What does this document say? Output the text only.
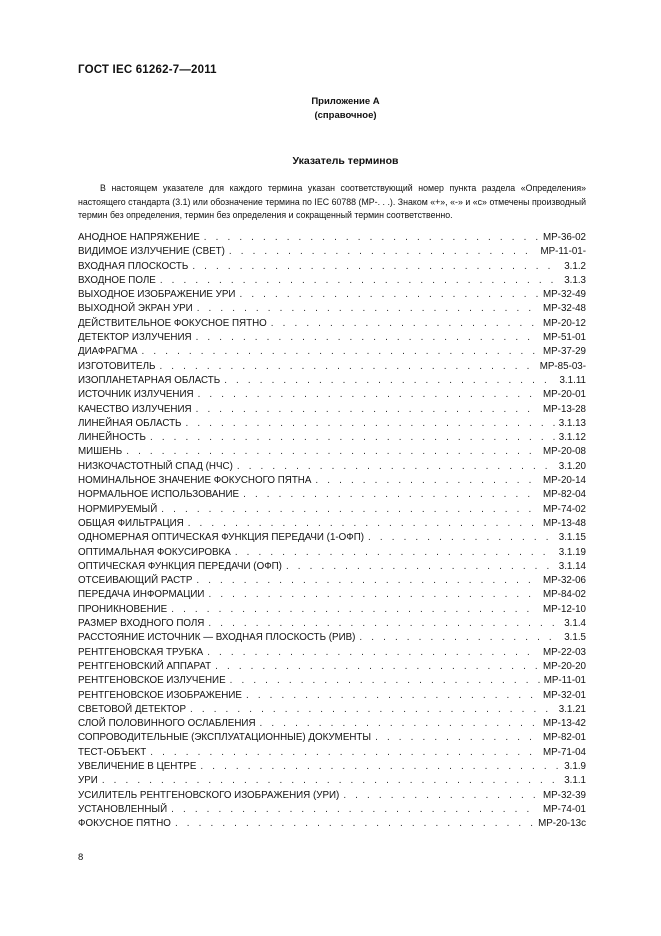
ГОСТ IEC 61262-7—2011
Приложение А
(справочное)
Указатель терминов
В настоящем указателе для каждого термина указан соответствующий номер пункта раздела «Определения» настоящего стандарта (3.1) или обозначение термина по IEC 60788 (МР-. . .). Знаком «+», «-» и «с» отмечены производный термин без определения, термин без определения и сокращенный термин соответственно.
АНОДНОЕ НАПРЯЖЕНИЕ . . .	МР-36-02
ВИДИМОЕ ИЗЛУЧЕНИЕ (СВЕТ) . . .	МР-11-01-
ВХОДНАЯ ПЛОСКОСТЬ . . .	3.1.2
ВХОДНОЕ ПОЛЕ . . .	3.1.3
ВЫХОДНОЕ ИЗОБРАЖЕНИЕ УРИ . . .	МР-32-49
ВЫХОДНОЙ ЭКРАН УРИ . . .	МР-32-48
ДЕЙСТВИТЕЛЬНОЕ ФОКУСНОЕ ПЯТНО . . .	МР-20-12
ДЕТЕКТОР ИЗЛУЧЕНИЯ . . .	МР-51-01
ДИАФРАГМА . . .	МР-37-29
ИЗГОТОВИТЕЛЬ . . .	МР-85-03-
ИЗОПЛАНЕТАРНАЯ ОБЛАСТЬ . . .	3.1.11
ИСТОЧНИК ИЗЛУЧЕНИЯ . . .	МР-20-01
КАЧЕСТВО ИЗЛУЧЕНИЯ . . .	МР-13-28
ЛИНЕЙНАЯ ОБЛАСТЬ . . .	3.1.13
ЛИНЕЙНОСТЬ . . .	3.1.12
МИШЕНЬ . . .	МР-20-08
НИЗКОЧАСТОТНЫЙ СПАД (НЧС) . . .	3.1.20
НОМИНАЛЬНОЕ ЗНАЧЕНИЕ ФОКУСНОГО ПЯТНА . . .	МР-20-14
НОРМАЛЬНОЕ ИСПОЛЬЗОВАНИЕ . . .	МР-82-04
НОРМИРУЕМЫЙ . . .	МР-74-02
ОБЩАЯ ФИЛЬТРАЦИЯ . . .	МР-13-48
ОДНОМЕРНАЯ ОПТИЧЕСКАЯ ФУНКЦИЯ ПЕРЕДАЧИ (1-ОФП) . . .	3.1.15
ОПТИМАЛЬНАЯ ФОКУСИРОВКА . . .	3.1.19
ОПТИЧЕСКАЯ ФУНКЦИЯ ПЕРЕДАЧИ (ОФП) . . .	3.1.14
ОТСЕИВАЮЩИЙ РАСТР . . .	МР-32-06
ПЕРЕДАЧА ИНФОРМАЦИИ . . .	МР-84-02
ПРОНИКНОВЕНИЕ . . .	МР-12-10
РАЗМЕР ВХОДНОГО ПОЛЯ . . .	3.1.4
РАССТОЯНИЕ ИСТОЧНИК — ВХОДНАЯ ПЛОСКОСТЬ (РИВ) . . .	3.1.5
РЕНТГЕНОВСКАЯ ТРУБКА . . .	МР-22-03
РЕНТГЕНОВСКИЙ АППАРАТ . . .	МР-20-20
РЕНТГЕНОВСКОЕ ИЗЛУЧЕНИЕ . . .	МР-11-01
РЕНТГЕНОВСКОЕ ИЗОБРАЖЕНИЕ . . .	МР-32-01
СВЕТОВОЙ ДЕТЕКТОР . . .	3.1.21
СЛОЙ ПОЛОВИННОГО ОСЛАБЛЕНИЯ . . .	МР-13-42
СОПРОВОДИТЕЛЬНЫЕ (ЭКСПЛУАТАЦИОННЫЕ) ДОКУМЕНТЫ . . .	МР-82-01
ТЕСТ-ОБЪЕКТ . . .	МР-71-04
УВЕЛИЧЕНИЕ В ЦЕНТРЕ . . .	3.1.9
УРИ . . .	3.1.1
УСИЛИТЕЛЬ РЕНТГЕНОВСКОГО ИЗОБРАЖЕНИЯ (УРИ) . . .	МР-32-39
УСТАНОВЛЕННЫЙ . . .	МР-74-01
ФОКУСНОЕ ПЯТНО . . .	МР-20-13с
8
